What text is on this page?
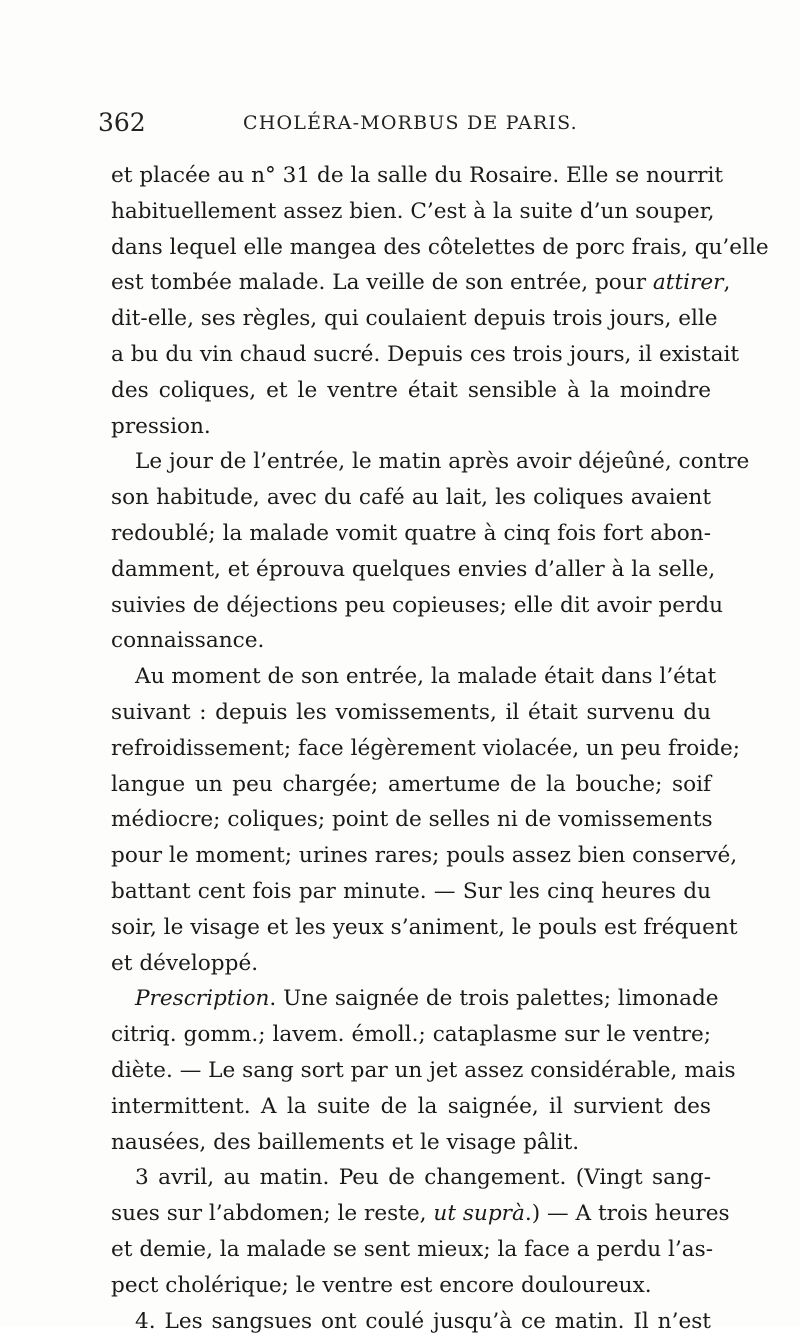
362	CHOLÉRA-MORBUS DE PARIS.
et placée au n° 31 de la salle du Rosaire. Elle se nourrit
habituellement assez bien. C’est à la suite d’un souper,
dans lequel elle mangea des côtelettes de porc frais, qu’elle
est tombée malade. La veille de son entrée, pour attirer,
dit-elle, ses règles, qui coulaient depuis trois jours, elle
a bu du vin chaud sucré. Depuis ces trois jours, il existait
des coliques, et le ventre était sensible à la moindre
pression.
Le jour de l’entrée, le matin après avoir déjeûné, contre
son habitude, avec du café au lait, les coliques avaient
redoublé; la malade vomit quatre à cinq fois fort abon-
damment, et éprouva quelques envies d’aller à la selle,
suivies de déjections peu copieuses; elle dit avoir perdu
connaissance.
Au moment de son entrée, la malade était dans l’état
suivant : depuis les vomissements, il était survenu du
refroidissement; face légèrement violacée, un peu froide;
langue un peu chargée; amertume de la bouche; soif
médiocre; coliques; point de selles ni de vomissements
pour le moment; urines rares; pouls assez bien conservé,
battant cent fois par minute. — Sur les cinq heures du
soir, le visage et les yeux s’animent, le pouls est fréquent
et développé.
Prescription. Une saignée de trois palettes; limonade
citriq. gomm.; lavem. émoll.; cataplasme sur le ventre;
diète. — Le sang sort par un jet assez considérable, mais
intermittent. A la suite de la saignée, il survient des
nausées, des baillements et le visage pâlit.
3 avril, au matin. Peu de changement. (Vingt sang-
sues sur l’abdomen; le reste, ut suprà.) — A trois heures
et demie, la malade se sent mieux; la face a perdu l’as-
pect cholérique; le ventre est encore douloureux.
4. Les sangsues ont coulé jusqu’à ce matin. Il n’est
